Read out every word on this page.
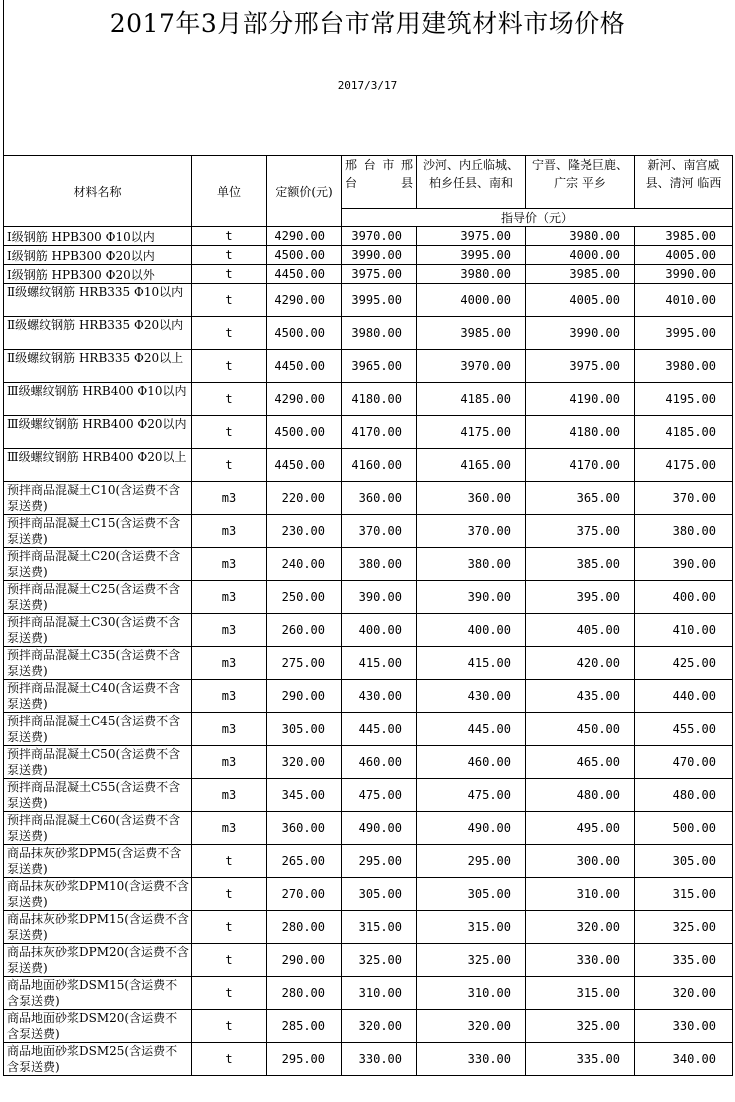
2017年3月部分邢台市常用建筑材料市场价格
2017/3/17
材料名称	单位	定额价(元)	邢 台 市 邢 台 县	沙河、内丘临城、柏乡任县、南和	宁晋、隆尧巨鹿、广宗 平乡	新河、南宫威县、清河 临西
			指导价（元）			
Ⅰ级钢筋 HPB300 Φ10以内	t	4290.00	3970.00	3975.00	3980.00	3985.00
Ⅰ级钢筋 HPB300 Φ20以内	t	4500.00	3990.00	3995.00	4000.00	4005.00
Ⅰ级钢筋 HPB300 Φ20以外	t	4450.00	3975.00	3980.00	3985.00	3990.00
Ⅱ级螺纹钢筋 HRB335 Φ10以内	t	4290.00	3995.00	4000.00	4005.00	4010.00
Ⅱ级螺纹钢筋 HRB335 Φ20以内	t	4500.00	3980.00	3985.00	3990.00	3995.00
Ⅱ级螺纹钢筋 HRB335 Φ20以上	t	4450.00	3965.00	3970.00	3975.00	3980.00
Ⅲ级螺纹钢筋 HRB400 Φ10以内	t	4290.00	4180.00	4185.00	4190.00	4195.00
Ⅲ级螺纹钢筋 HRB400 Φ20以内	t	4500.00	4170.00	4175.00	4180.00	4185.00
Ⅲ级螺纹钢筋 HRB400 Φ20以上	t	4450.00	4160.00	4165.00	4170.00	4175.00
预拌商品混凝土C10(含运费不含泵送费)	m3	220.00	360.00	360.00	365.00	370.00
预拌商品混凝土C15(含运费不含泵送费)	m3	230.00	370.00	370.00	375.00	380.00
预拌商品混凝土C20(含运费不含泵送费)	m3	240.00	380.00	380.00	385.00	390.00
预拌商品混凝土C25(含运费不含泵送费)	m3	250.00	390.00	390.00	395.00	400.00
预拌商品混凝土C30(含运费不含泵送费)	m3	260.00	400.00	400.00	405.00	410.00
预拌商品混凝土C35(含运费不含泵送费)	m3	275.00	415.00	415.00	420.00	425.00
预拌商品混凝土C40(含运费不含泵送费)	m3	290.00	430.00	430.00	435.00	440.00
预拌商品混凝土C45(含运费不含泵送费)	m3	305.00	445.00	445.00	450.00	455.00
预拌商品混凝土C50(含运费不含泵送费)	m3	320.00	460.00	460.00	465.00	470.00
预拌商品混凝土C55(含运费不含泵送费)	m3	345.00	475.00	475.00	480.00	480.00
预拌商品混凝土C60(含运费不含泵送费)	m3	360.00	490.00	490.00	495.00	500.00
商品抹灰砂浆DPM5(含运费不含泵送费)	t	265.00	295.00	295.00	300.00	305.00
商品抹灰砂浆DPM10(含运费不含泵送费)	t	270.00	305.00	305.00	310.00	315.00
商品抹灰砂浆DPM15(含运费不含泵送费)	t	280.00	315.00	315.00	320.00	325.00
商品抹灰砂浆DPM20(含运费不含泵送费)	t	290.00	325.00	325.00	330.00	335.00
商品地面砂浆DSM15(含运费不含泵送费)	t	280.00	310.00	310.00	315.00	320.00
商品地面砂浆DSM20(含运费不含泵送费)	t	285.00	320.00	320.00	325.00	330.00
商品地面砂浆DSM25(含运费不含泵送费)	t	295.00	330.00	330.00	335.00	340.00
